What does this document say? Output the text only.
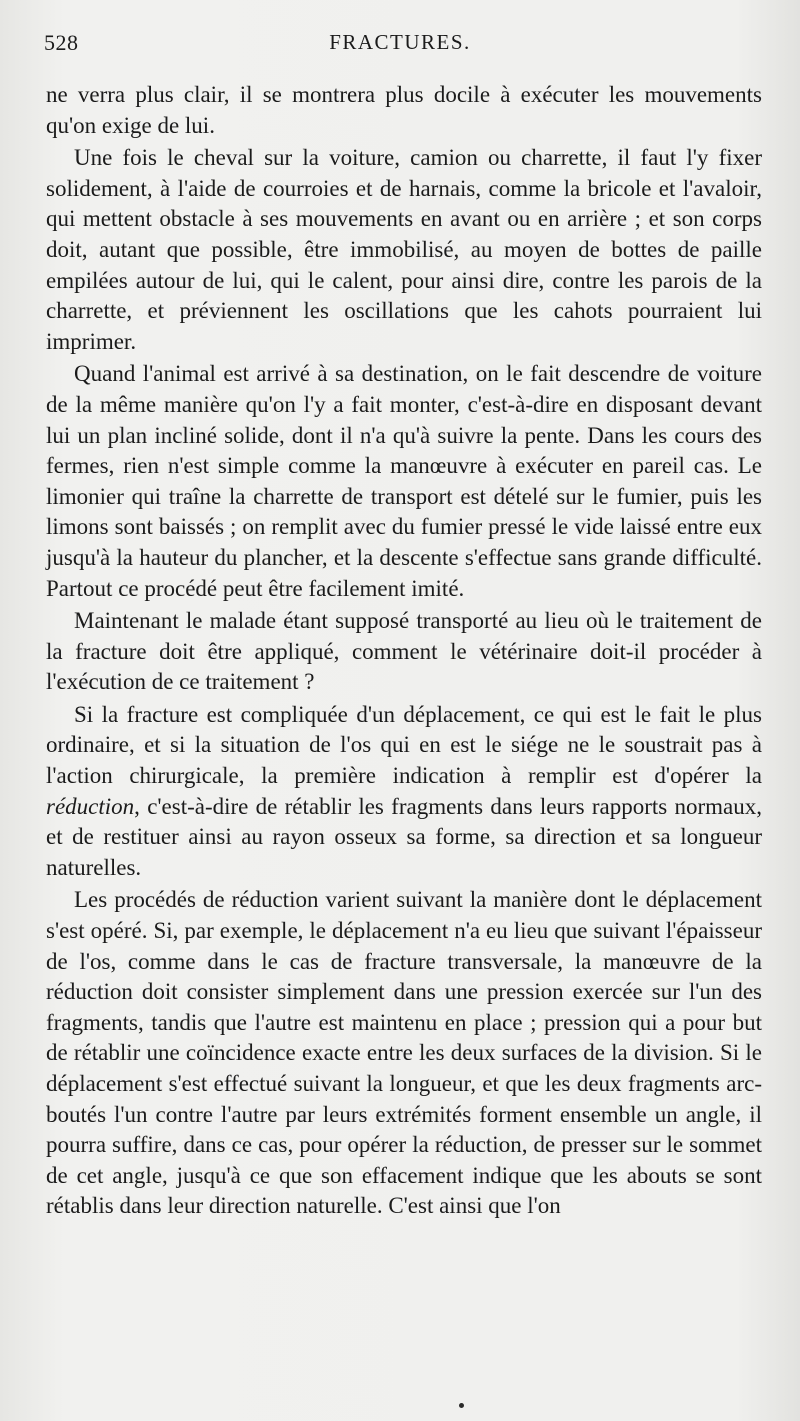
528	FRACTURES.

ne verra plus clair, il se montrera plus docile à exécuter les mouvements qu'on exige de lui.

Une fois le cheval sur la voiture, camion ou charrette, il faut l'y fixer solidement, à l'aide de courroies et de harnais, comme la bricole et l'avaloir, qui mettent obstacle à ses mouvements en avant ou en arrière ; et son corps doit, autant que possible, être immobilisé, au moyen de bottes de paille empilées autour de lui, qui le calent, pour ainsi dire, contre les parois de la charrette, et préviennent les oscillations que les cahots pourraient lui imprimer.

Quand l'animal est arrivé à sa destination, on le fait descendre de voiture de la même manière qu'on l'y a fait monter, c'est-à-dire en disposant devant lui un plan incliné solide, dont il n'a qu'à suivre la pente. Dans les cours des fermes, rien n'est simple comme la manœuvre à exécuter en pareil cas. Le limonier qui traîne la charrette de transport est dételé sur le fumier, puis les limons sont baissés ; on remplit avec du fumier pressé le vide laissé entre eux jusqu'à la hauteur du plancher, et la descente s'effectue sans grande difficulté. Partout ce procédé peut être facilement imité.

Maintenant le malade étant supposé transporté au lieu où le traitement de la fracture doit être appliqué, comment le vétérinaire doit-il procéder à l'exécution de ce traitement ?

Si la fracture est compliquée d'un déplacement, ce qui est le fait le plus ordinaire, et si la situation de l'os qui en est le siége ne le soustrait pas à l'action chirurgicale, la première indication à remplir est d'opérer la réduction, c'est-à-dire de rétablir les fragments dans leurs rapports normaux, et de restituer ainsi au rayon osseux sa forme, sa direction et sa longueur naturelles.

Les procédés de réduction varient suivant la manière dont le déplacement s'est opéré. Si, par exemple, le déplacement n'a eu lieu que suivant l'épaisseur de l'os, comme dans le cas de fracture transversale, la manœuvre de la réduction doit consister simplement dans une pression exercée sur l'un des fragments, tandis que l'autre est maintenu en place ; pression qui a pour but de rétablir une coïncidence exacte entre les deux surfaces de la division. Si le déplacement s'est effectué suivant la longueur, et que les deux fragments arc-boutés l'un contre l'autre par leurs extrémités forment ensemble un angle, il pourra suffire, dans ce cas, pour opérer la réduction, de presser sur le sommet de cet angle, jusqu'à ce que son effacement indique que les abouts se sont rétablis dans leur direction naturelle. C'est ainsi que l'on
